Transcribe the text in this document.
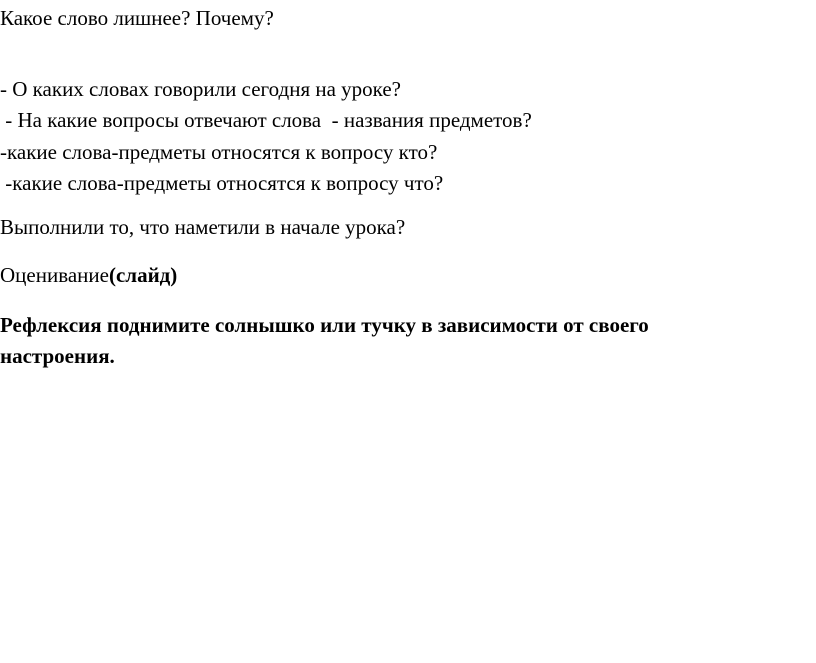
Какое слово лишнее? Почему?

- О каких словах говорили сегодня на уроке?

- На какие вопросы отвечают слова  - названия предметов?

-какие слова-предметы относятся к вопросу кто?

-какие слова-предметы относятся к вопросу что?

Выполнили то, что наметили в начале урока?

Оценивание(слайд)

Рефлексия поднимите солнышко или тучку в зависимости от своего настроения.
